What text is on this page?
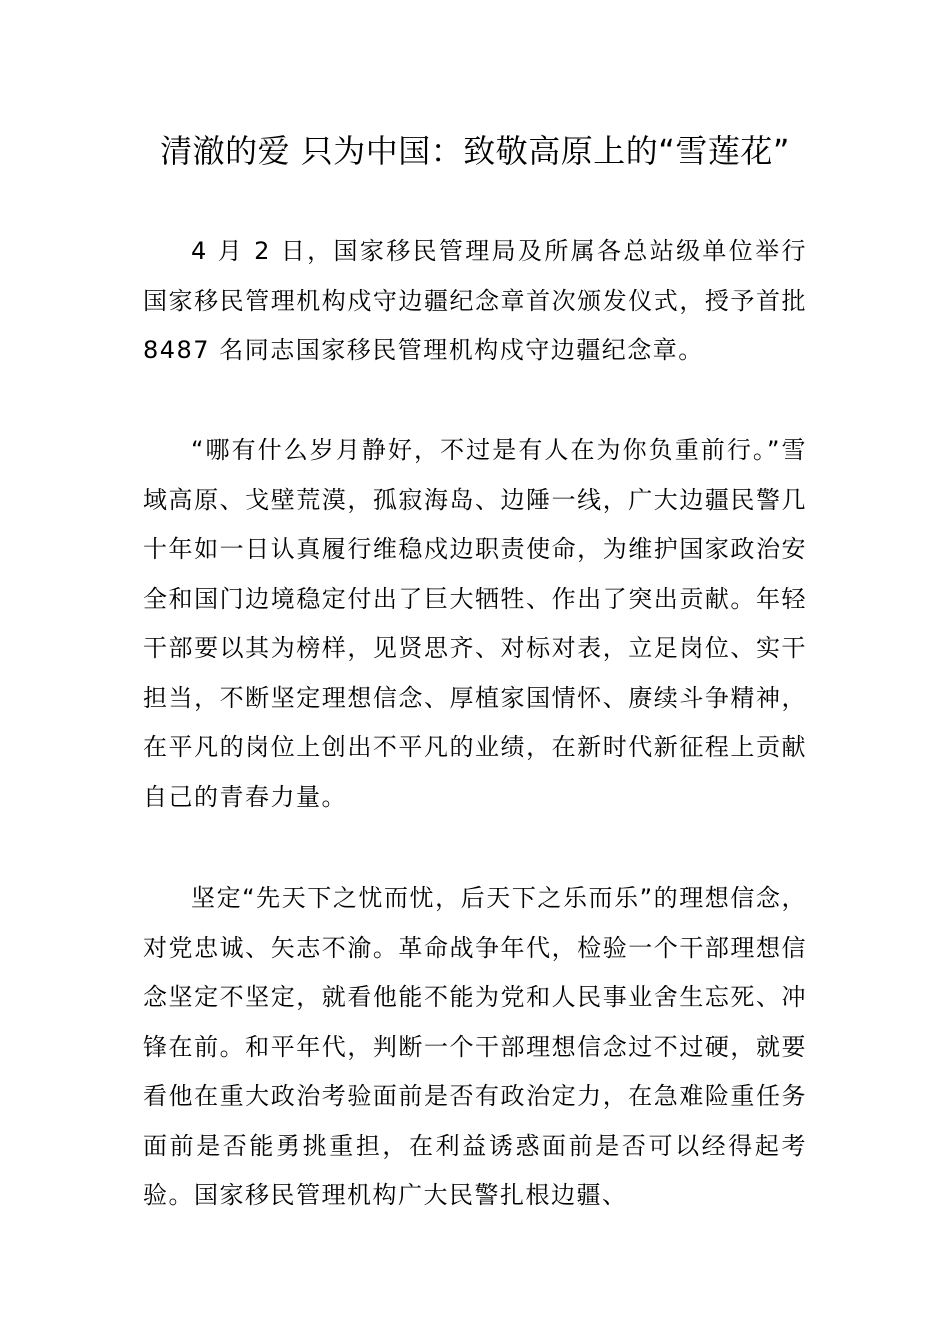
清澈的爱 只为中国：致敬高原上的“雪莲花”

4 月 2 日，国家移民管理局及所属各总站级单位举行国家移民管理机构戍守边疆纪念章首次颁发仪式，授予首批 8487 名同志国家移民管理机构戍守边疆纪念章。

“哪有什么岁月静好，不过是有人在为你负重前行。”雪域高原、戈壁荒漠，孤寂海岛、边陲一线，广大边疆民警几十年如一日认真履行维稳戍边职责使命，为维护国家政治安全和国门边境稳定付出了巨大牺牲、作出了突出贡献。年轻干部要以其为榜样，见贤思齐、对标对表，立足岗位、实干担当，不断坚定理想信念、厚植家国情怀、赓续斗争精神，在平凡的岗位上创出不平凡的业绩，在新时代新征程上贡献自己的青春力量。

坚定“先天下之忧而忧，后天下之乐而乐”的理想信念，对党忠诚、矢志不渝。革命战争年代，检验一个干部理想信念坚定不坚定，就看他能不能为党和人民事业舍生忘死、冲锋在前。和平年代，判断一个干部理想信念过不过硬，就要看他在重大政治考验面前是否有政治定力，在急难险重任务面前是否能勇挑重担，在利益诱惑面前是否可以经得起考验。国家移民管理机构广大民警扎根边疆、
